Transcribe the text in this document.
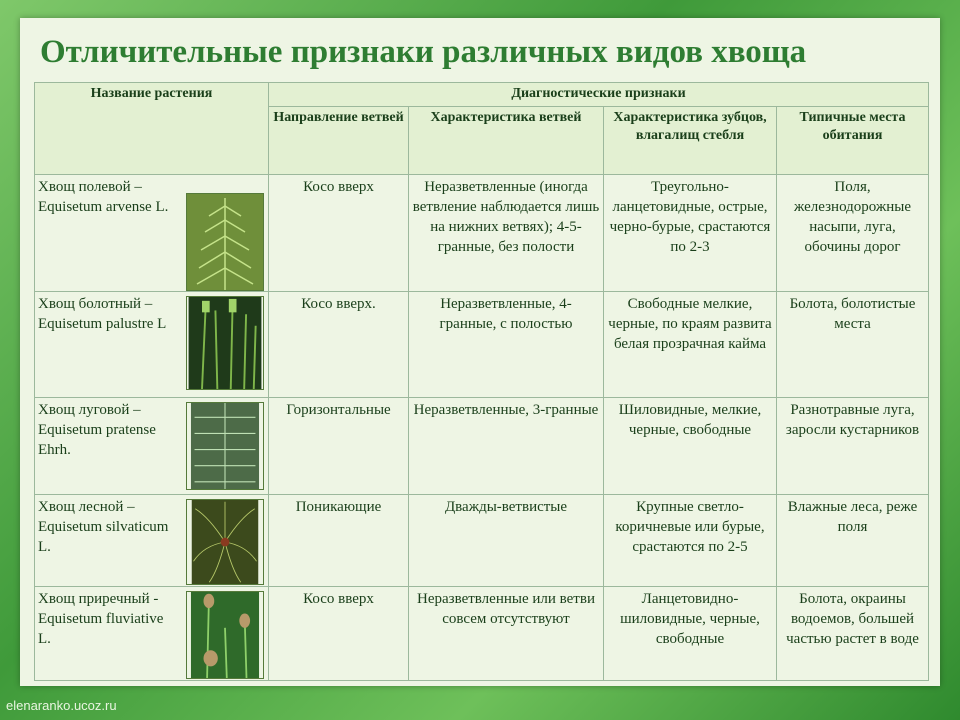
Отличительные признаки различных видов хвоща
Название растения	Диагностические признаки			
	Направление ветвей	Характеристика ветвей	Характеристика зубцов, влагалищ стебля	Типичные места обитания

Хвощ полевой – Equisetum arvense L.	Косо вверх	Неразветвленные (иногда ветвление наблюдается лишь на нижних ветвях); 4-5-гранные, без полости	Треугольно-ланцетовидные, острые, черно-бурые, срастаются по 2-3	Поля, железнодорожные насыпи, луга, обочины дорог

Хвощ болотный – Equisetum palustre L	Косо вверх.	Неразветвленные, 4-гранные, с полостью	Свободные мелкие, черные, по краям развита белая прозрачная кайма	Болота, болотистые места

Хвощ луговой – Equisetum pratense Ehrh.	Горизонтальные	Неразветвленные, 3-гранные	Шиловидные, мелкие, черные, свободные	Разнотравные луга, заросли кустарников

Хвощ лесной – Equisetum silvaticum L.	Поникающие	Дважды-ветвистые	Крупные светло-коричневые или бурые, срастаются по 2-5	Влажные леса, реже поля

Хвощ приречный - Equisetum fluviative L.	Косо вверх	Неразветвленные или ветви совсем отсутствуют	Ланцетовидно-шиловидные, черные, свободные	Болота, окраины водоемов, большей частью растет в воде
elenaranko.ucoz.ru
